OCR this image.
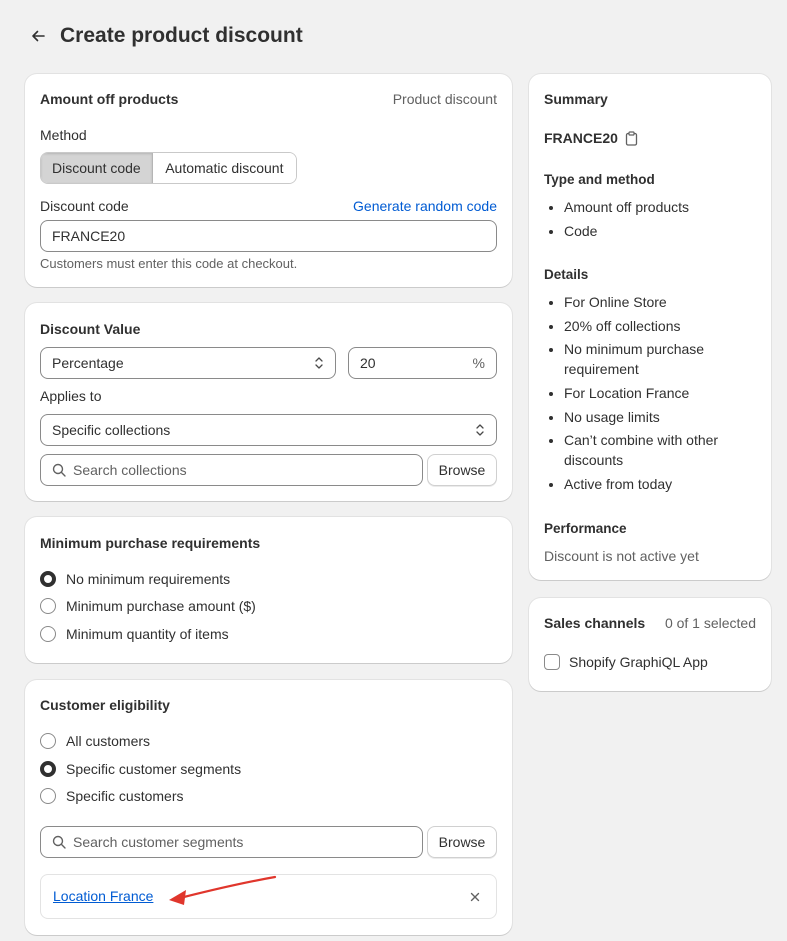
Create product discount
Amount off products	Product discount
Method
Discount code	Automatic discount
Discount code	Generate random code
FRANCE20
Customers must enter this code at checkout.
Discount Value
Percentage	20	%
Applies to
Specific collections
Search collections	Browse
Minimum purchase requirements
No minimum requirements
Minimum purchase amount ($)
Minimum quantity of items
Customer eligibility
All customers
Specific customer segments
Specific customers
Search customer segments	Browse
Location France
Summary
FRANCE20
Type and method
• Amount off products
• Code
Details
• For Online Store
• 20% off collections
• No minimum purchase requirement
• For Location France
• No usage limits
• Can’t combine with other discounts
• Active from today
Performance
Discount is not active yet
Sales channels 0 of 1 selected
Shopify GraphiQL App
